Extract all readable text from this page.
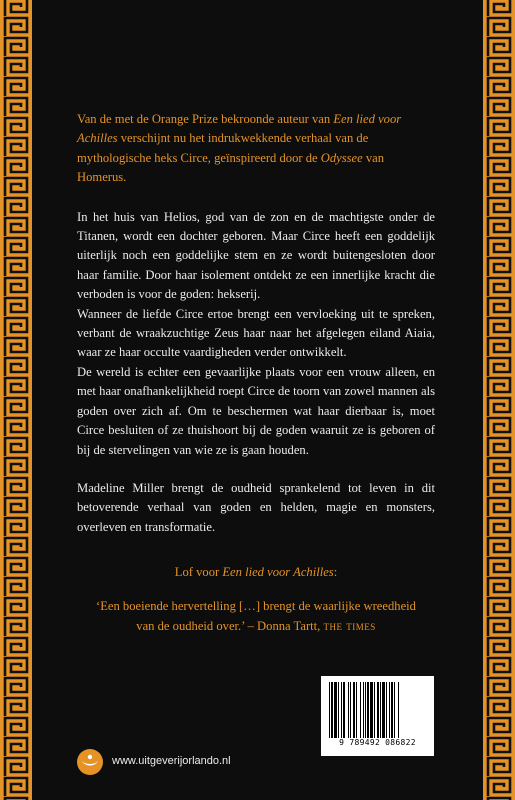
Van de met de Orange Prize bekroonde auteur van Een lied voor Achilles verschijnt nu het indrukwekkende verhaal van de mythologische heks Circe, geïnspireerd door de Odyssee van Homerus.

In het huis van Helios, god van de zon en de machtigste onder de Titanen, wordt een dochter geboren. Maar Circe heeft een goddelijk uiterlijk noch een goddelijke stem en ze wordt buitengesloten door haar familie. Door haar isolement ontdekt ze een innerlijke kracht die verboden is voor de goden: hekserij.

Wanneer de liefde Circe ertoe brengt een vervloeking uit te spreken, verbant de wraakzuchtige Zeus haar naar het afgelegen eiland Aiaia, waar ze haar occulte vaardigheden verder ontwikkelt.

De wereld is echter een gevaarlijke plaats voor een vrouw alleen, en met haar onafhankelijkheid roept Circe de toorn van zowel mannen als goden over zich af. Om te beschermen wat haar dierbaar is, moet Circe besluiten of ze thuishoort bij de goden waaruit ze is geboren of bij de stervelingen van wie ze is gaan houden.

Madeline Miller brengt de oudheid sprankelend tot leven in dit betoverende verhaal van goden en helden, magie en monsters, overleven en transformatie.

Lof voor Een lied voor Achilles:
‘Een boeiende hervertelling […] brengt de waarlijke wreedheid
van de oudheid over.’ – Donna Tartt, the times
9 789492 086822
www.uitgeverijorlando.nl
